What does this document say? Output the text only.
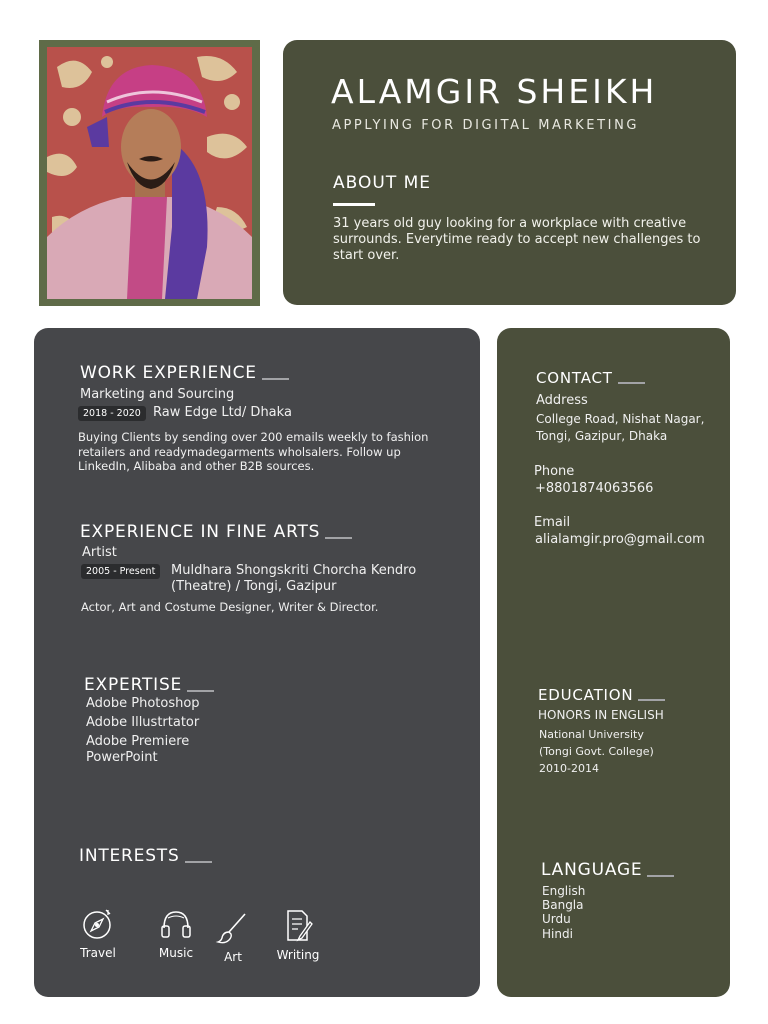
ALAMGIR SHEIKH
APPLYING FOR DIGITAL MARKETING
ABOUT ME
31 years old guy looking for a workplace with creative surrounds. Everytime ready to accept new challenges to start over.
WORK EXPERIENCE
Marketing and Sourcing
2018 - 2020 Raw Edge Ltd/ Dhaka
Buying Clients by sending over 200 emails weekly to fashion retailers and readymadegarments wholsalers. Follow up LinkedIn, Alibaba and other B2B sources.
EXPERIENCE IN FINE ARTS
Artist
2005 - Present	Muldhara Shongskriti Chorcha Kendro
(Theatre) / Tongi, Gazipur
Actor, Art and Costume Designer, Writer & Director.
EXPERTISE
Adobe Photoshop
Adobe Illustrtator
Adobe Premiere
PowerPoint
INTERESTS
Travel	Music	Art	Writing
CONTACT
Address
College Road, Nishat Nagar,
Tongi, Gazipur, Dhaka
Phone
+8801874063566
Email
alialamgir.pro@gmail.com
EDUCATION
HONORS IN ENGLISH
National University
(Tongi Govt. College)
2010-2014
LANGUAGE
English
Bangla
Urdu
Hindi
